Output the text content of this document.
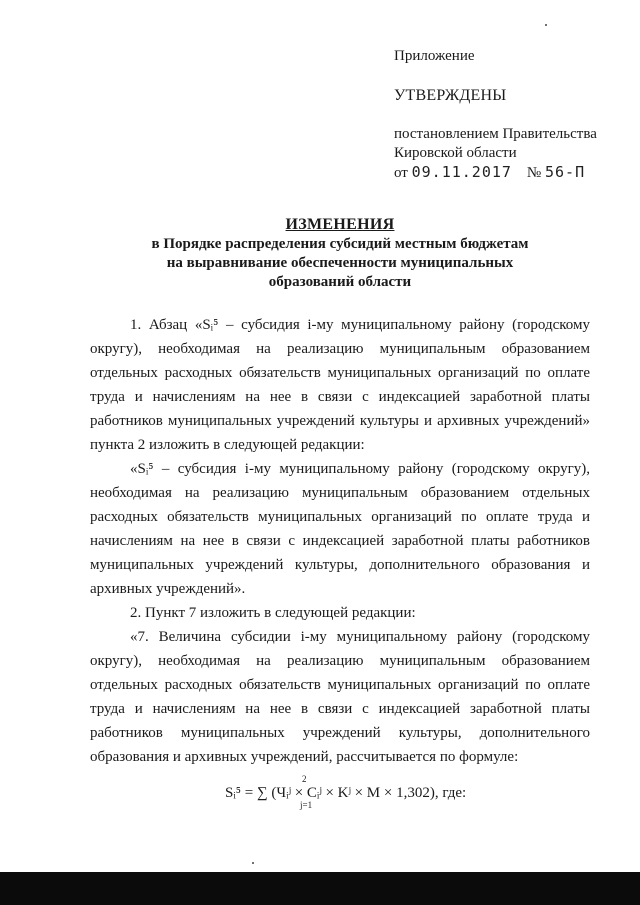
Приложение

УТВЕРЖДЕНЫ

постановлением Правительства

Кировской области

от 09.11.2017 № 56-П

ИЗМЕНЕНИЯ
в Порядке распределения субсидий местным бюджетам
на выравнивание обеспеченности муниципальных
образований области

1. Абзац «Sᵢ⁵ – субсидия i-му муниципальному району (городскому округу), необходимая на реализацию муниципальным образованием отдельных расходных обязательств муниципальных организаций по оплате труда и начислениям на нее в связи с индексацией заработной платы работников муниципальных учреждений культуры и архивных учреждений» пункта 2 изложить в следующей редакции:

«Sᵢ⁵ – субсидия i-му муниципальному району (городскому округу), необходимая на реализацию муниципальным образованием отдельных расходных обязательств муниципальных организаций по оплате труда и начислениям на нее в связи с индексацией заработной платы работников муниципальных учреждений культуры, дополнительного образования и архивных учреждений».

2. Пункт 7 изложить в следующей редакции:

«7. Величина субсидии i-му муниципальному району (городскому округу), необходимая на реализацию муниципальным образованием отдельных расходных обязательств муниципальных организаций по оплате труда и начислениям на нее в связи с индексацией заработной платы работников муниципальных учреждений культуры, дополнительного образования и архивных учреждений, рассчитывается по формуле:

2
Sᵢ⁵ = ∑ (Чᵢʲ × Cᵢʲ × Kʲ × M × 1,302), где:
j=1
